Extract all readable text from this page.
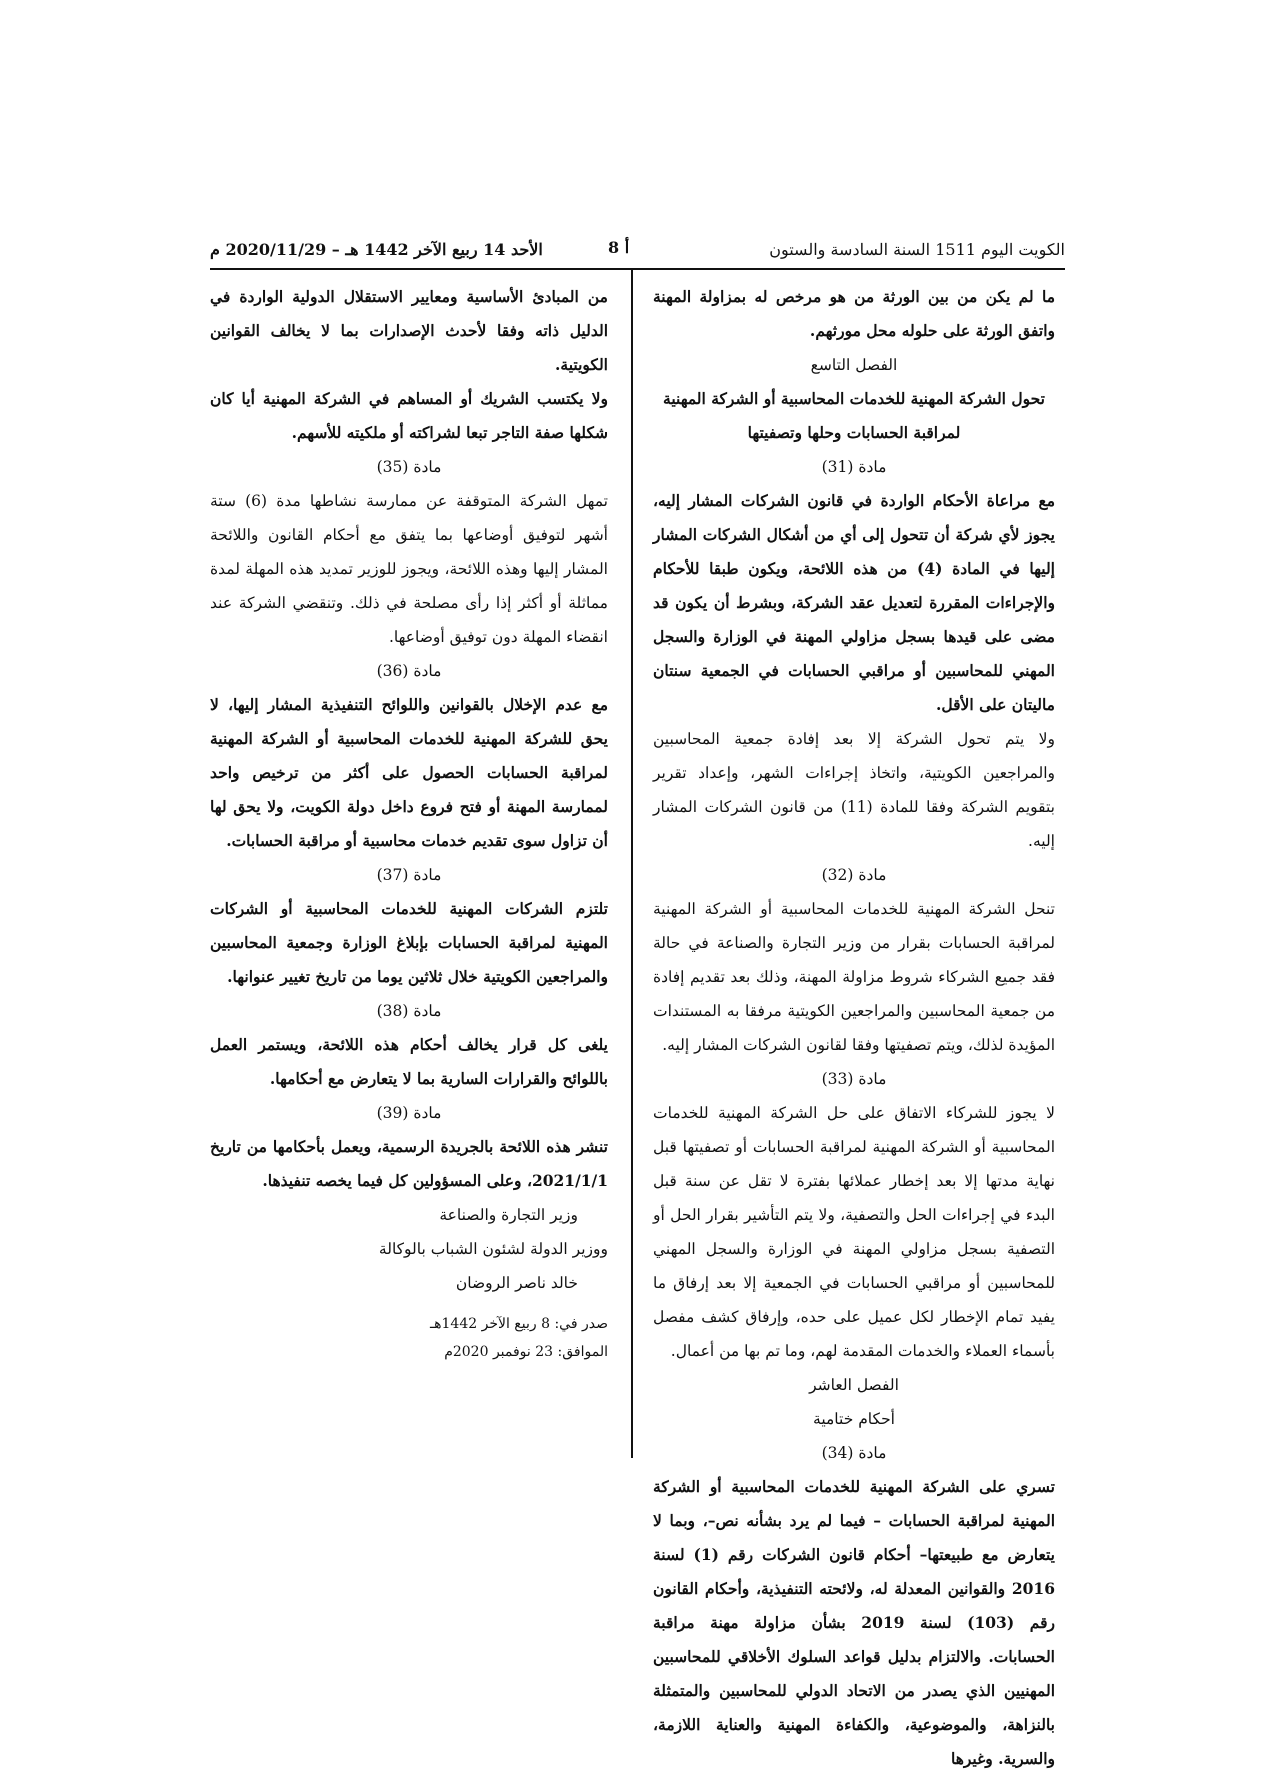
الكويت اليوم 1511 السنة السادسة والستون
أ 8
الأحد 14 ربيع الآخر 1442 هـ – 2020/11/29 م

ما لم يكن من بين الورثة من هو مرخص له بمزاولة المهنة واتفق الورثة على حلوله محل مورثهم.

الفصل التاسع

تحول الشركة المهنية للخدمات المحاسبية أو الشركة المهنية لمراقبة الحسابات وحلها وتصفيتها

مادة (31)

مع مراعاة الأحكام الواردة في قانون الشركات المشار إليه، يجوز لأي شركة أن تتحول إلى أي من أشكال الشركات المشار إليها في المادة (4) من هذه اللائحة، ويكون طبقا للأحكام والإجراءات المقررة لتعديل عقد الشركة، وبشرط أن يكون قد مضى على قيدها بسجل مزاولي المهنة في الوزارة والسجل المهني للمحاسبين أو مراقبي الحسابات في الجمعية سنتان ماليتان على الأقل.

ولا يتم تحول الشركة إلا بعد إفادة جمعية المحاسبين والمراجعين الكويتية، واتخاذ إجراءات الشهر، وإعداد تقرير بتقويم الشركة وفقا للمادة (11) من قانون الشركات المشار إليه.

مادة (32)

تنحل الشركة المهنية للخدمات المحاسبية أو الشركة المهنية لمراقبة الحسابات بقرار من وزير التجارة والصناعة في حالة فقد جميع الشركاء شروط مزاولة المهنة، وذلك بعد تقديم إفادة من جمعية المحاسبين والمراجعين الكويتية مرفقا به المستندات المؤيدة لذلك، ويتم تصفيتها وفقا لقانون الشركات المشار إليه.

مادة (33)

لا يجوز للشركاء الاتفاق على حل الشركة المهنية للخدمات المحاسبية أو الشركة المهنية لمراقبة الحسابات أو تصفيتها قبل نهاية مدتها إلا بعد إخطار عملائها بفترة لا تقل عن سنة قبل البدء في إجراءات الحل والتصفية، ولا يتم التأشير بقرار الحل أو التصفية بسجل مزاولي المهنة في الوزارة والسجل المهني للمحاسبين أو مراقبي الحسابات في الجمعية إلا بعد إرفاق ما يفيد تمام الإخطار لكل عميل على حده، وإرفاق كشف مفصل بأسماء العملاء والخدمات المقدمة لهم، وما تم بها من أعمال.

الفصل العاشر

أحكام ختامية

مادة (34)

تسري على الشركة المهنية للخدمات المحاسبية أو الشركة المهنية لمراقبة الحسابات – فيما لم يرد بشأنه نص–، وبما لا يتعارض مع طبيعتها– أحكام قانون الشركات رقم (1) لسنة 2016 والقوانين المعدلة له، ولائحته التنفيذية، وأحكام القانون رقم (103) لسنة 2019 بشأن مزاولة مهنة مراقبة الحسابات. والالتزام بدليل قواعد السلوك الأخلاقي للمحاسبين المهنيين الذي يصدر من الاتحاد الدولي للمحاسبين والمتمثلة بالنزاهة، والموضوعية، والكفاءة المهنية والعناية اللازمة، والسرية. وغيرها

من المبادئ الأساسية ومعايير الاستقلال الدولية الواردة في الدليل ذاته وفقا لأحدث الإصدارات بما لا يخالف القوانين الكويتية.

ولا يكتسب الشريك أو المساهم في الشركة المهنية أيا كان شكلها صفة التاجر تبعا لشراكته أو ملكيته للأسهم.

مادة (35)

تمهل الشركة المتوقفة عن ممارسة نشاطها مدة (6) ستة أشهر لتوفيق أوضاعها بما يتفق مع أحكام القانون واللائحة المشار إليها وهذه اللائحة، ويجوز للوزير تمديد هذه المهلة لمدة مماثلة أو أكثر إذا رأى مصلحة في ذلك. وتنقضي الشركة عند انقضاء المهلة دون توفيق أوضاعها.

مادة (36)

مع عدم الإخلال بالقوانين واللوائح التنفيذية المشار إليها، لا يحق للشركة المهنية للخدمات المحاسبية أو الشركة المهنية لمراقبة الحسابات الحصول على أكثر من ترخيص واحد لممارسة المهنة أو فتح فروع داخل دولة الكويت، ولا يحق لها أن تزاول سوى تقديم خدمات محاسبية أو مراقبة الحسابات.

مادة (37)

تلتزم الشركات المهنية للخدمات المحاسبية أو الشركات المهنية لمراقبة الحسابات بإبلاغ الوزارة وجمعية المحاسبين والمراجعين الكويتية خلال ثلاثين يوما من تاريخ تغيير عنوانها.

مادة (38)

يلغى كل قرار يخالف أحكام هذه اللائحة، ويستمر العمل باللوائح والقرارات السارية بما لا يتعارض مع أحكامها.

مادة (39)

تنشر هذه اللائحة بالجريدة الرسمية، ويعمل بأحكامها من تاريخ 2021/1/1، وعلى المسؤولين كل فيما يخصه تنفيذها.

وزير التجارة والصناعة

ووزير الدولة لشئون الشباب بالوكالة

خالد ناصر الروضان

صدر في: 8 ربيع الآخر 1442هـ

الموافق: 23 نوفمبر 2020م
